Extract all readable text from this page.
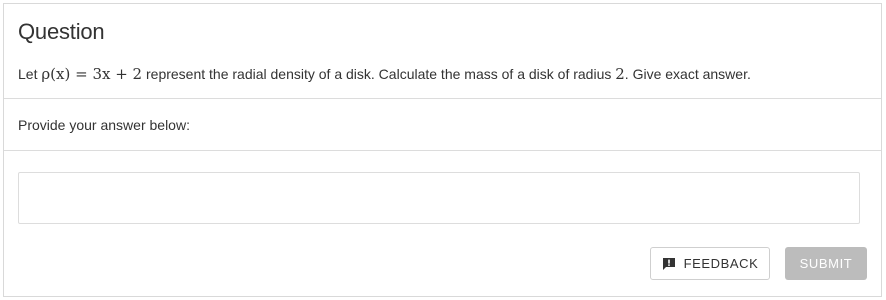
Question
Let ρ(x) = 3x + 2 represent the radial density of a disk. Calculate the mass of a disk of radius 2. Give exact answer.
Provide your answer below:
FEEDBACK	SUBMIT
